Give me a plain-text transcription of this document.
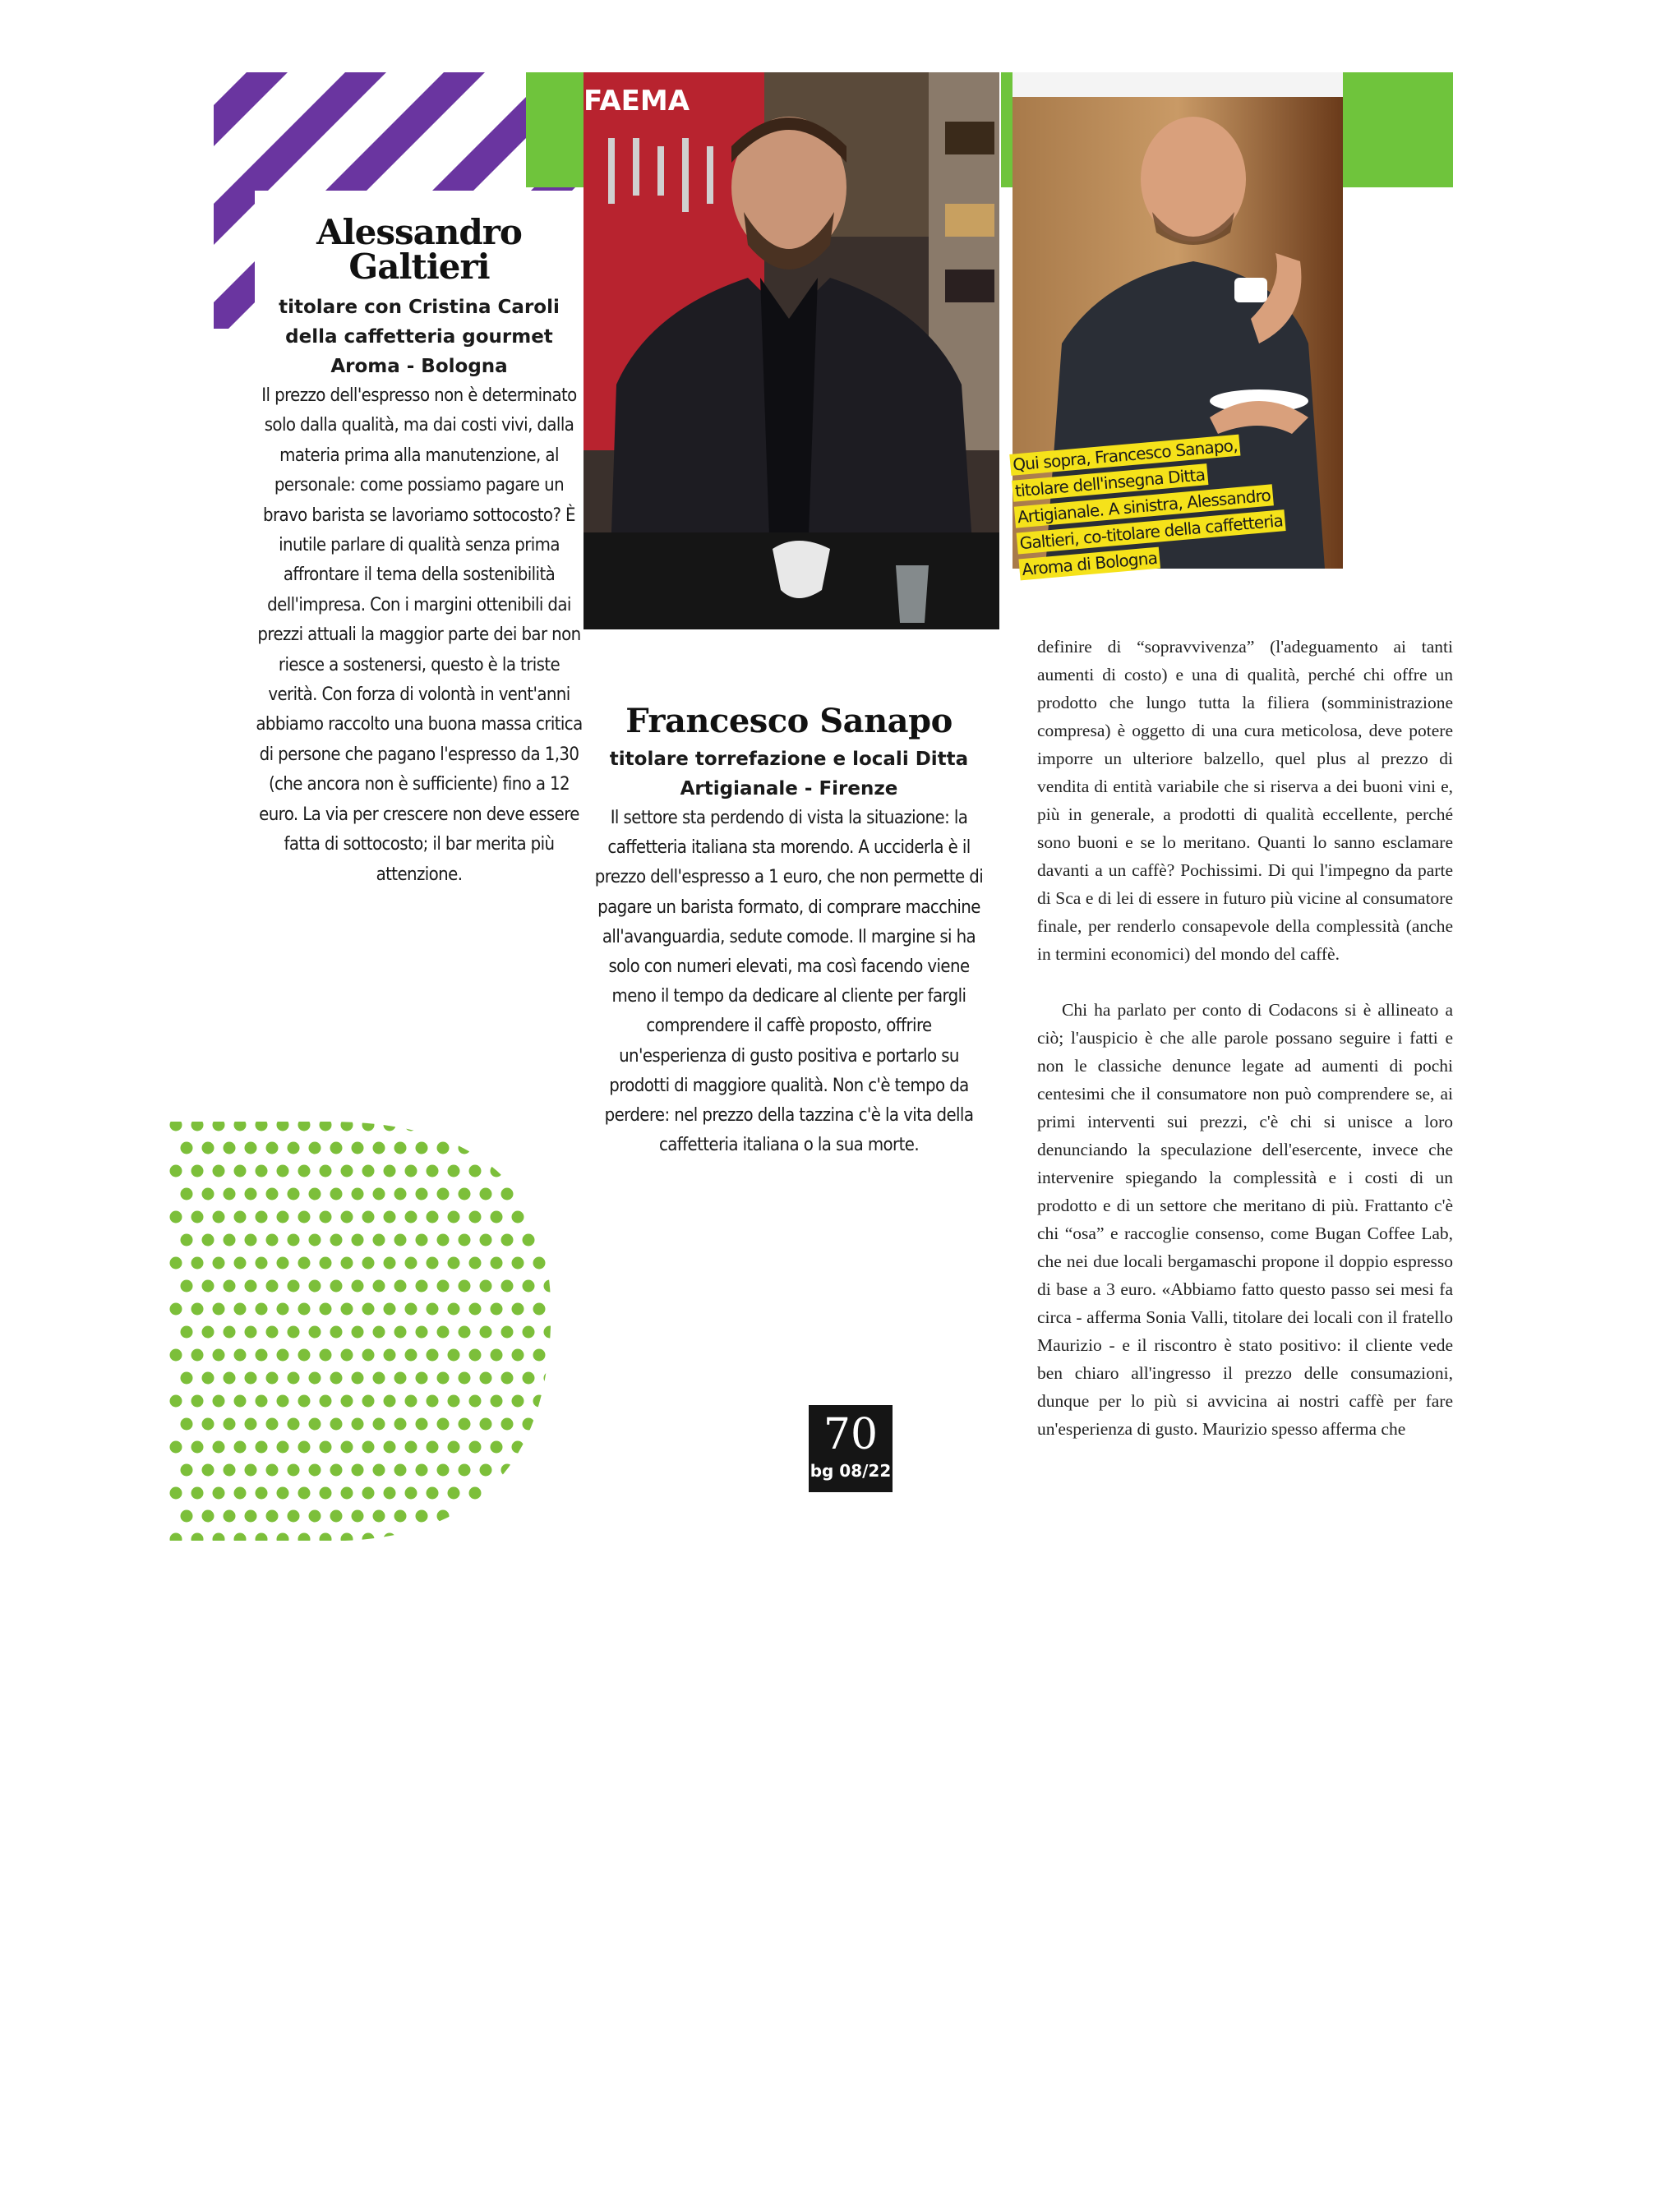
FAEMA
Qui sopra, Francesco Sanapo, titolare dell'insegna Ditta Artigianale. A sinistra, Alessandro Galtieri, co-titolare della caffetteria Aroma di Bologna
Alessandro
Galtieri

titolare con Cristina Caroli della caffetteria gourmet Aroma - Bologna

Il prezzo dell'espresso non è determinato solo dalla qualità, ma dai costi vivi, dalla materia prima alla manutenzione, al personale: come possiamo pagare un bravo barista se lavoriamo sottocosto? È inutile parlare di qualità senza prima affrontare il tema della sostenibilità dell'impresa. Con i margini ottenibili dai prezzi attuali la maggior parte dei bar non riesce a sostenersi, questo è la triste verità. Con forza di volontà in vent'anni abbiamo raccolto una buona massa critica di persone che pagano l'espresso da 1,30 (che ancora non è sufficiente) fino a 12 euro. La via per crescere non deve essere fatta di sottocosto; il bar merita più attenzione.

Francesco Sanapo

titolare torrefazione e locali Ditta Artigianale - Firenze

Il settore sta perdendo di vista la situazione: la caffetteria italiana sta morendo. A ucciderla è il prezzo dell'espresso a 1 euro, che non permette di pagare un barista formato, di comprare macchine all'avanguardia, sedute comode. Il margine si ha solo con numeri elevati, ma così facendo viene meno il tempo da dedicare al cliente per fargli comprendere il caffè proposto, offrire un'esperienza di gusto positiva e portarlo su prodotti di maggiore qualità. Non c'è tempo da perdere: nel prezzo della tazzina c'è la vita della caffetteria italiana o la sua morte.

definire di “sopravvivenza” (l'adeguamento ai tanti aumenti di costo) e una di qualità, perché chi offre un prodotto che lungo tutta la filiera (somministrazione compresa) è oggetto di una cura meticolosa, deve potere imporre un ulteriore balzello, quel plus al prezzo di vendita di entità variabile che si riserva a dei buoni vini e, più in generale, a prodotti di qualità eccellente, perché sono buoni e se lo meritano. Quanti lo sanno esclamare davanti a un caffè? Pochissimi. Di qui l'impegno da parte di Sca e di lei di essere in futuro più vicine al consumatore finale, per renderlo consapevole della complessità (anche in termini economici) del mondo del caffè.

Chi ha parlato per conto di Codacons si è allineato a ciò; l'auspicio è che alle parole possano seguire i fatti e non le classiche denunce legate ad aumenti di pochi centesimi che il consumatore non può comprendere se, ai primi interventi sui prezzi, c'è chi si unisce a loro denunciando la speculazione dell'esercente, invece che intervenire spiegando la complessità e i costi di un prodotto e di un settore che meritano di più. Frattanto c'è chi “osa” e raccoglie consenso, come Bugan Coffee Lab, che nei due locali bergamaschi propone il doppio espresso di base a 3 euro. «Abbiamo fatto questo passo sei mesi fa circa - afferma Sonia Valli, titolare dei locali con il fratello Maurizio - e il riscontro è stato positivo: il cliente vede ben chiaro all'ingresso il prezzo delle consumazioni, dunque per lo più si avvicina ai nostri caffè per fare un'esperienza di gusto. Maurizio spesso afferma che

70
bg 08/22
